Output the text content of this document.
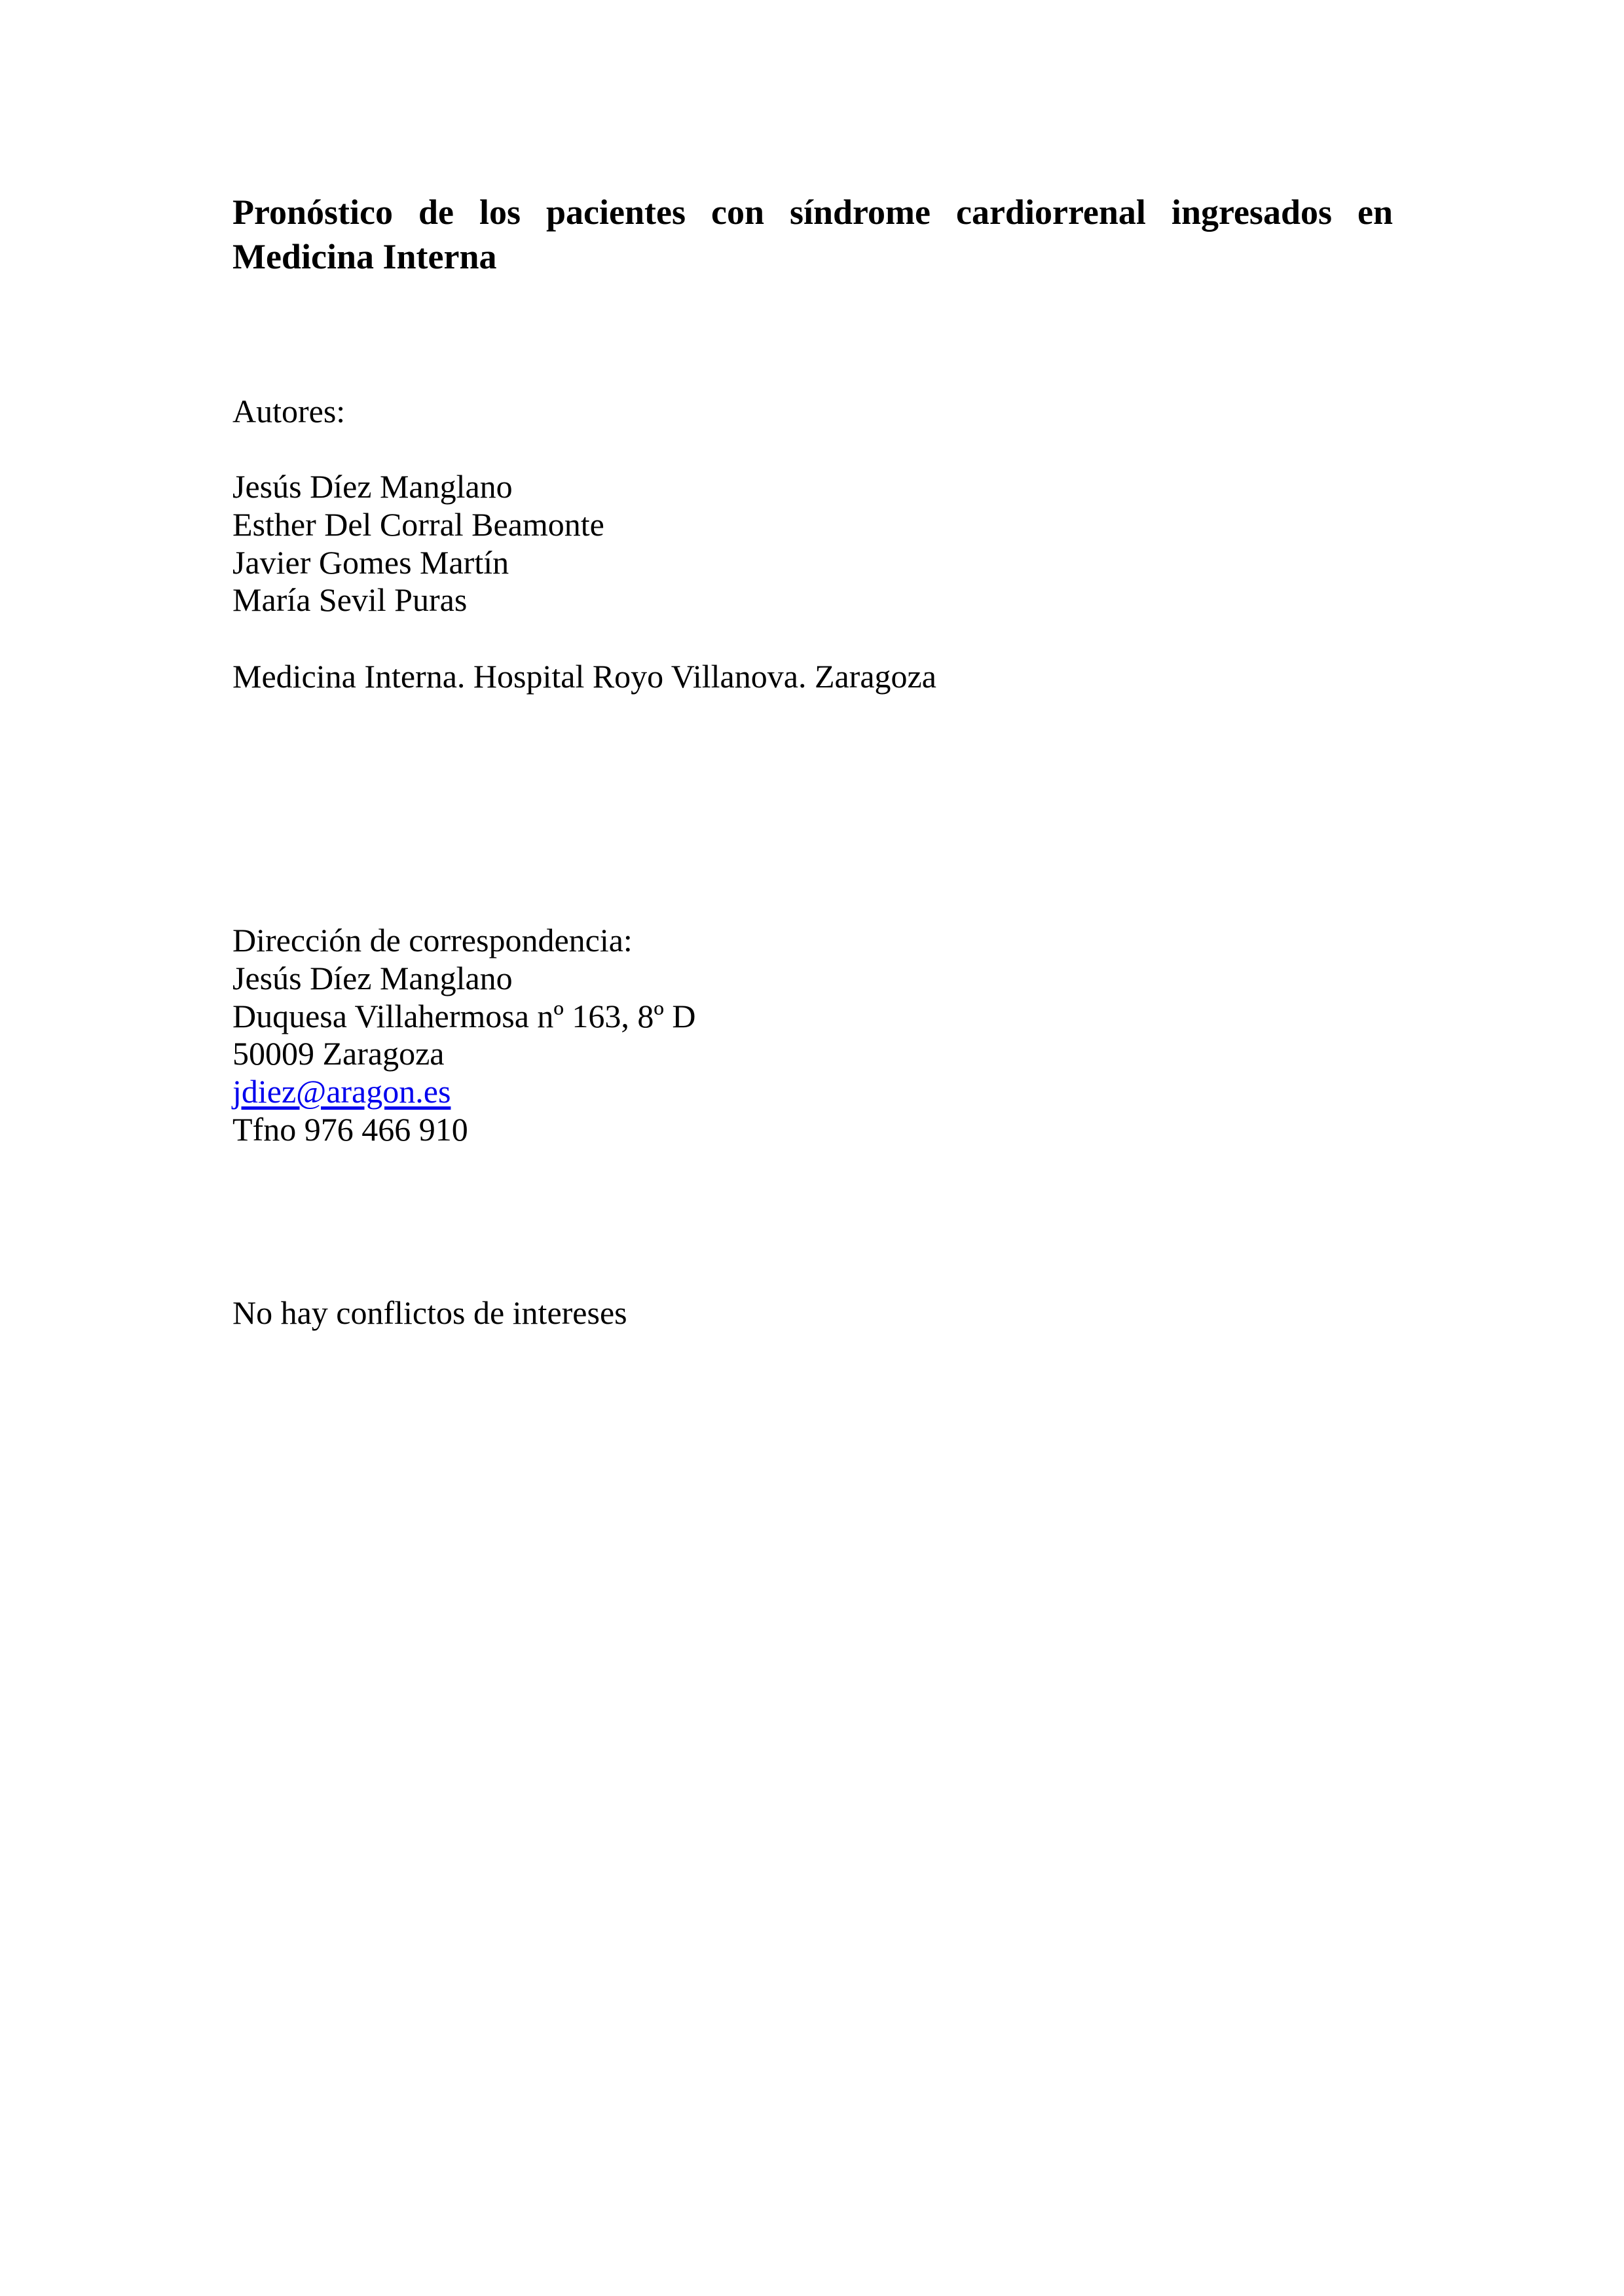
Pronóstico de los pacientes con síndrome cardiorrenal ingresados en
Medicina Interna

Autores:

Jesús Díez Manglano

Esther Del Corral Beamonte

Javier Gomes Martín

María Sevil Puras

Medicina Interna. Hospital Royo Villanova. Zaragoza

Dirección de correspondencia:

Jesús Díez Manglano

Duquesa Villahermosa nº 163, 8º D

50009 Zaragoza

jdiez@aragon.es

Tfno 976 466 910

No hay conflictos de intereses
